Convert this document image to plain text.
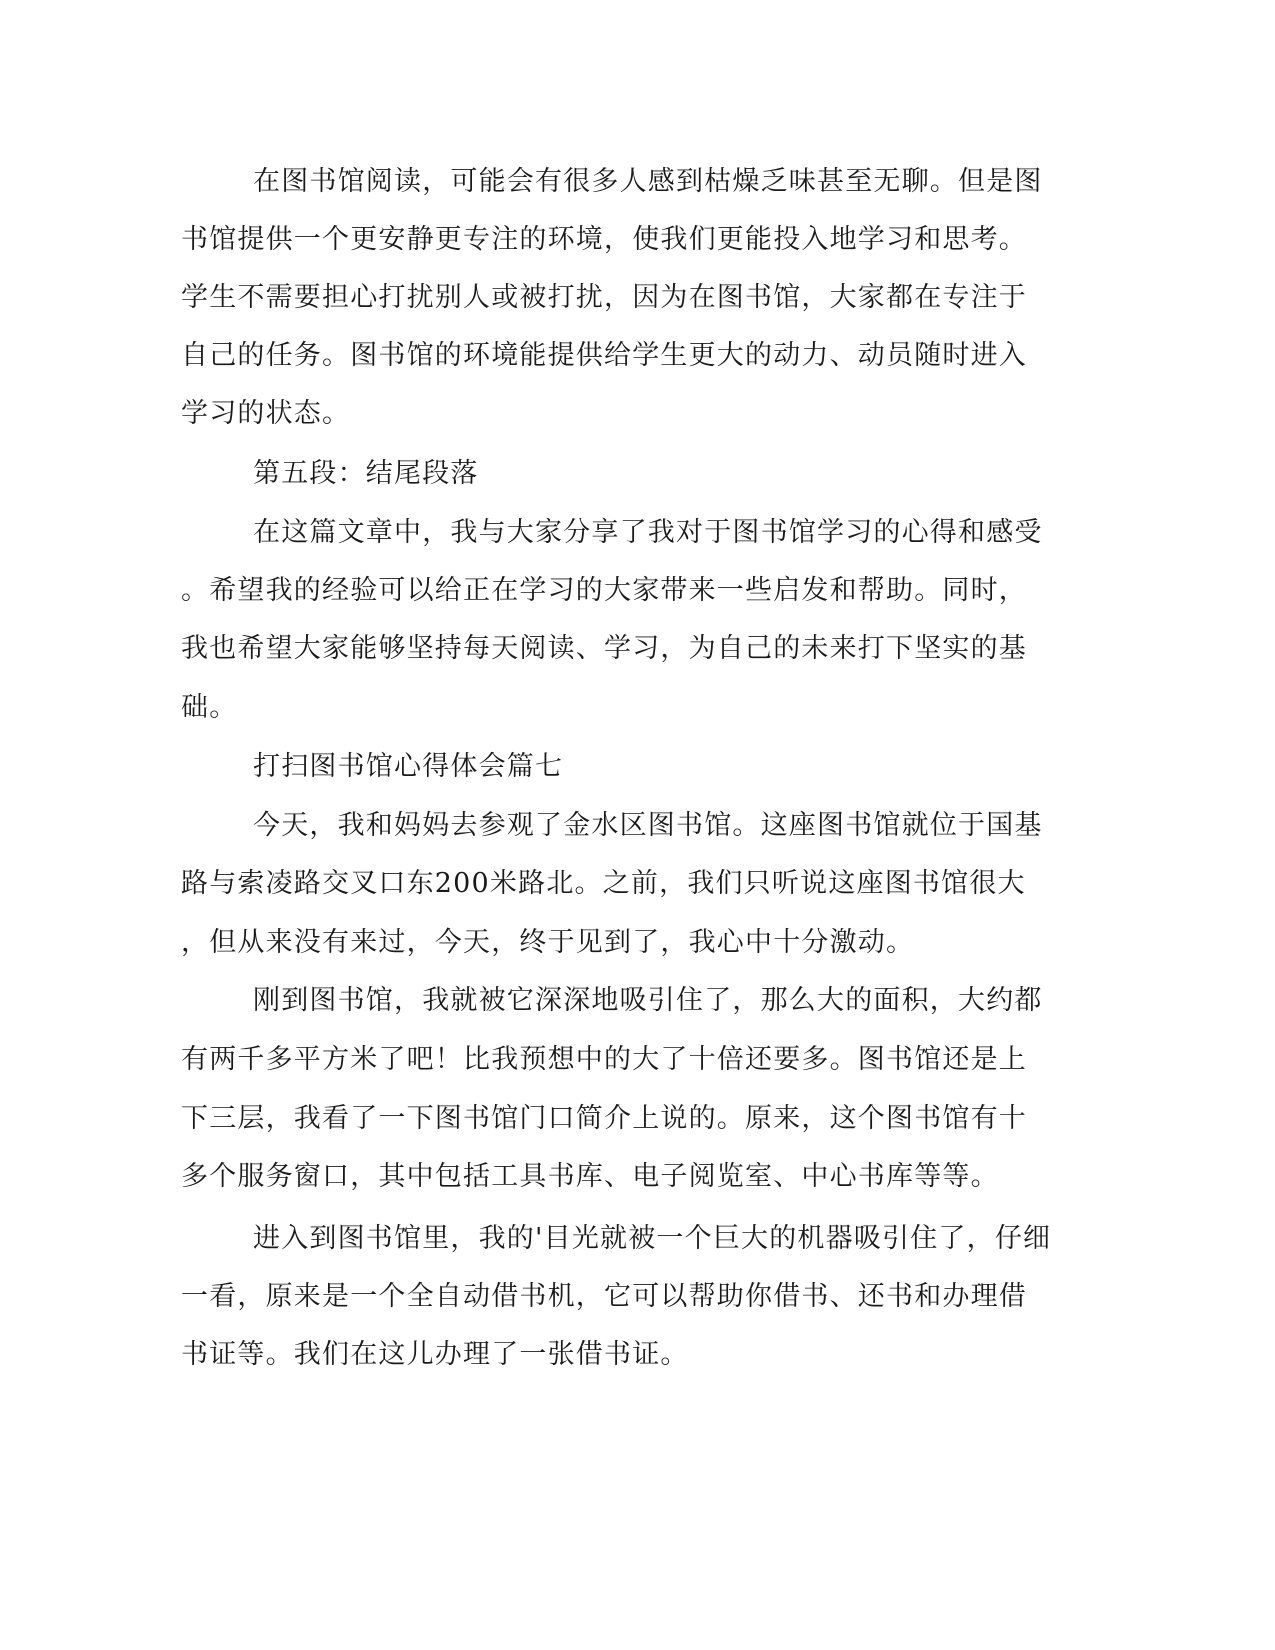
在图书馆阅读，可能会有很多人感到枯燥乏味甚至无聊。但是图
书馆提供一个更安静更专注的环境，使我们更能投入地学习和思考。
学生不需要担心打扰别人或被打扰，因为在图书馆，大家都在专注于
自己的任务。图书馆的环境能提供给学生更大的动力、动员随时进入
学习的状态。
第五段：结尾段落
在这篇文章中，我与大家分享了我对于图书馆学习的心得和感受
。希望我的经验可以给正在学习的大家带来一些启发和帮助。同时，
我也希望大家能够坚持每天阅读、学习，为自己的未来打下坚实的基
础。
打扫图书馆心得体会篇七
今天，我和妈妈去参观了金水区图书馆。这座图书馆就位于国基
路与索凌路交叉口东200米路北。之前，我们只听说这座图书馆很大
，但从来没有来过，今天，终于见到了，我心中十分激动。
刚到图书馆，我就被它深深地吸引住了，那么大的面积，大约都
有两千多平方米了吧！比我预想中的大了十倍还要多。图书馆还是上
下三层，我看了一下图书馆门口简介上说的。原来，这个图书馆有十
多个服务窗口，其中包括工具书库、电子阅览室、中心书库等等。
进入到图书馆里，我的'目光就被一个巨大的机器吸引住了，仔细
一看，原来是一个全自动借书机，它可以帮助你借书、还书和办理借
书证等。我们在这儿办理了一张借书证。
